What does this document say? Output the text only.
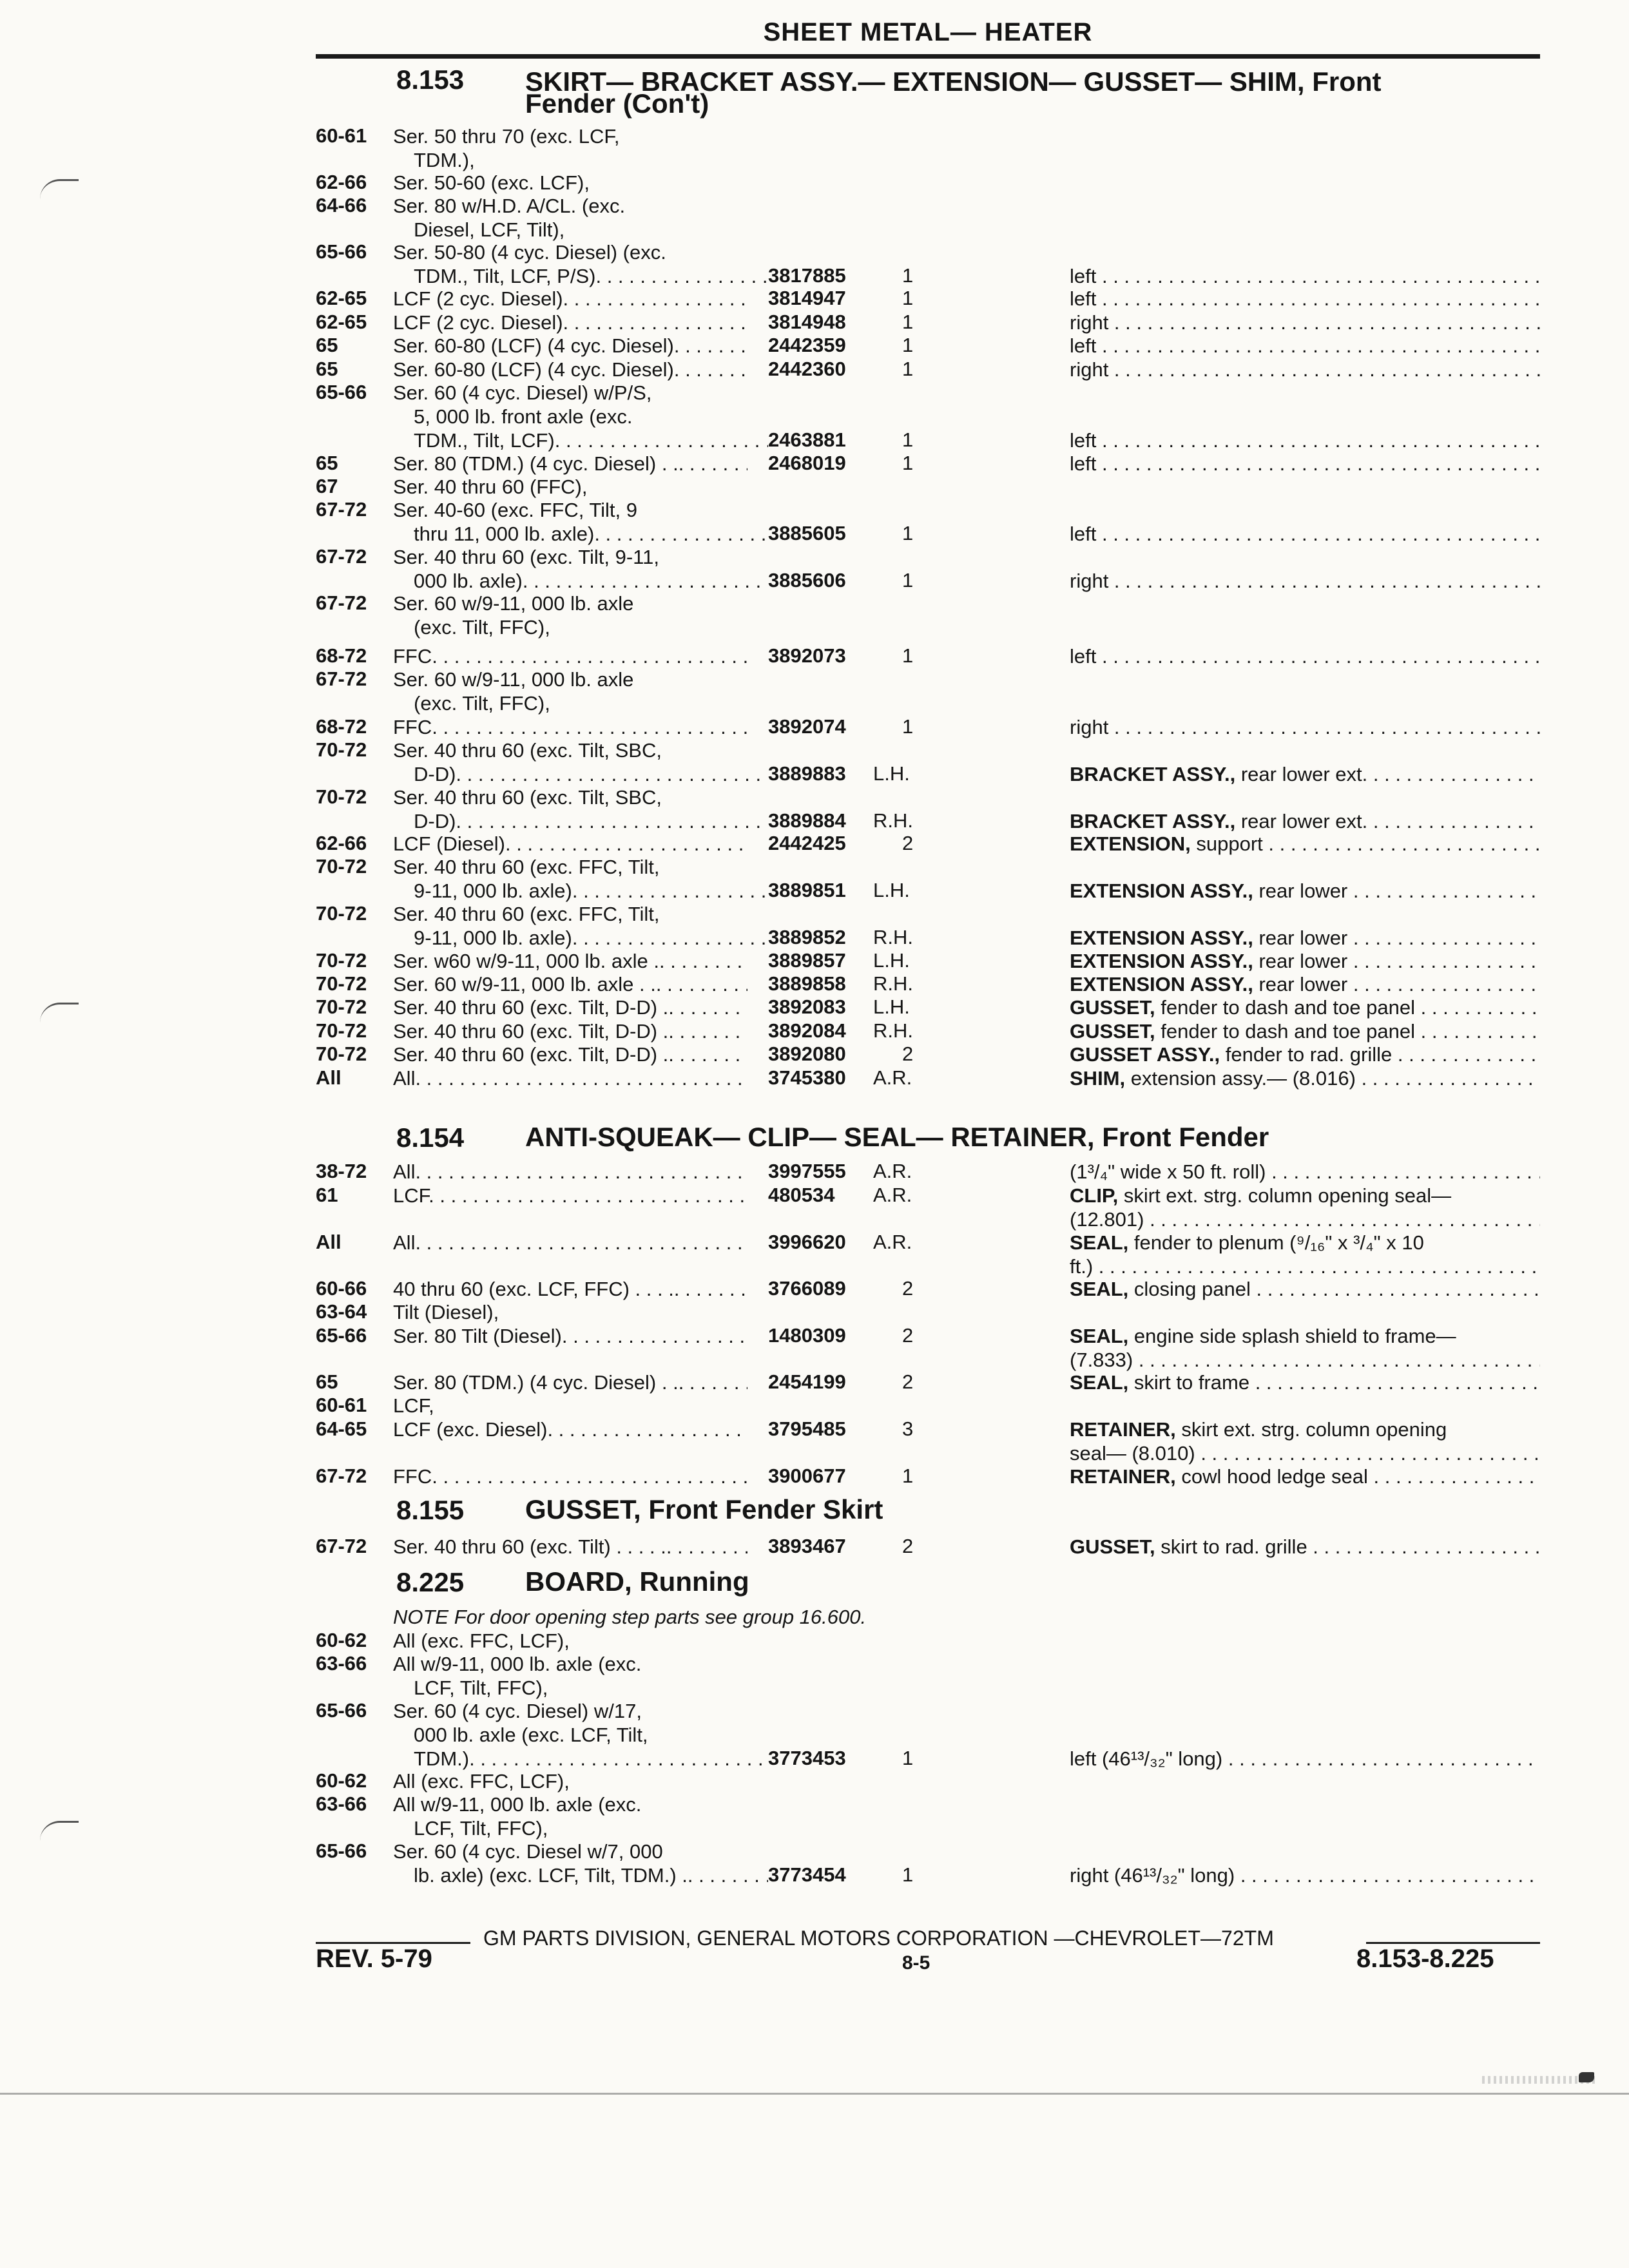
SHEET METAL— HEATER
8.153 SKIRT— BRACKET ASSY.— EXTENSION— GUSSET— SHIM, Front
Fender (Con't)
60-61 Ser. 50 thru 70 (exc. LCF,
TDM.),
62-66 Ser. 50-60 (exc. LCF),
64-66 Ser. 80 w/H.D. A/CL. (exc.
Diesel, LCF, Tilt),
65-66 Ser. 50-80 (4 cyc. Diesel) (exc.
TDM., Tilt, LCF, P/S) . . .	3817885	1	left . . .
62-65 LCF (2 cyc. Diesel) . . .	3814947	1	left . . .
62-65 LCF (2 cyc. Diesel) . . .	3814948	1	right . . .
65	Ser. 60-80 (LCF) (4 cyc. Diesel) . . .	2442359	1	left . . .
65	Ser. 60-80 (LCF) (4 cyc. Diesel) . . .	2442360	1	right . . .
65-66 Ser. 60 (4 cyc. Diesel) w/P/S,
5, 000 lb. front axle (exc.
TDM., Tilt, LCF) . . .	2463881	1	left . . .
65	Ser. 80 (TDM.) (4 cyc. Diesel) . . . . .	2468019	1	left . . .
67	Ser. 40 thru 60 (FFC),
67-72 Ser. 40-60 (exc. FFC, Tilt, 9
thru 11, 000 lb. axle) . . .	3885605	1	left . . .
67-72 Ser. 40 thru 60 (exc. Tilt, 9-11,
000 lb. axle) . . .	3885606	1	right . . .
67-72 Ser. 60 w/9-11, 000 lb. axle
(exc. Tilt, FFC),
68-72 FFC . . .	3892073	1	left . . .
67-72 Ser. 60 w/9-11, 000 lb. axle
(exc. Tilt, FFC),
68-72 FFC . . .	3892074	1	right . . .
70-72 Ser. 40 thru 60 (exc. Tilt, SBC,
D-D) . . .	3889883 L.H.	BRACKET ASSY., rear lower ext. . . .
70-72 Ser. 40 thru 60 (exc. Tilt, SBC,
D-D) . . .	3889884 R.H.	BRACKET ASSY., rear lower ext. . . .
62-66 LCF (Diesel) . . .	2442425	2	EXTENSION, support . . .
70-72 Ser. 40 thru 60 (exc. FFC, Tilt,
9-11, 000 lb. axle) . . .	3889851 L.H.	EXTENSION ASSY., rear lower . . .
70-72 Ser. 40 thru 60 (exc. FFC, Tilt,
9-11, 000 lb. axle) . . .	3889852 R.H.	EXTENSION ASSY., rear lower . . .
70-72 Ser. w60 w/9-11, 000 lb. axle . . . .	3889857 L.H.	EXTENSION ASSY., rear lower . . .
70-72 Ser. 60 w/9-11, 000 lb. axle . . . . .	3889858 R.H.	EXTENSION ASSY., rear lower . . .
70-72 Ser. 40 thru 60 (exc. Tilt, D-D) . . . .	3892083 L.H.	GUSSET, fender to dash and toe panel . . .
70-72 Ser. 40 thru 60 (exc. Tilt, D-D) . . . .	3892084 R.H.	GUSSET, fender to dash and toe panel . . .
70-72 Ser. 40 thru 60 (exc. Tilt, D-D) . . . .	3892080	2	GUSSET ASSY., fender to rad. grille . . .
All	All . . .	3745380 A.R.	SHIM, extension assy.— (8.016) . . .
38-72 All . . .	3997555 A.R.	(1³/₄" wide x 50 ft. roll) . . .
61	LCF . . .	480534 A.R.	CLIP, skirt ext. strg. column opening seal—
(12.801) . . .
All	All . . .	3996620 A.R.	SEAL, fender to plenum (⁹/₁₆" x ³/₄" x 10
ft.) . . .
60-66 40 thru 60 (exc. LCF, FFC) . . . . . . .	3766089	2	SEAL, closing panel . . .
63-64 Tilt (Diesel),
65-66 Ser. 80 Tilt (Diesel) . . .	1480309	2	SEAL, engine side splash shield to frame—
(7.833) . . .
65	Ser. 80 (TDM.) (4 cyc. Diesel) . . . . .	2454199	2	SEAL, skirt to frame . . .
60-61 LCF,
64-65 LCF (exc. Diesel) . . .	3795485	3	RETAINER, skirt ext. strg. column opening
seal— (8.010) . . .
67-72 FFC . . .	3900677	1	RETAINER, cowl hood ledge seal . . .
67-72 Ser. 40 thru 60 (exc. Tilt) . . . . . . . .	3893467	2	GUSSET, skirt to rad. grille . . .
60-62 All (exc. FFC, LCF),
63-66 All w/9-11, 000 lb. axle (exc.
LCF, Tilt, FFC),
65-66 Ser. 60 (4 cyc. Diesel) w/17,
000 lb. axle (exc. LCF, Tilt,
TDM.) . . .	3773453	1	left (46¹³/₃₂" long) . . .
60-62 All (exc. FFC, LCF),
63-66 All w/9-11, 000 lb. axle (exc.
LCF, Tilt, FFC),
65-66 Ser. 60 (4 cyc. Diesel w/7, 000
lb. axle) (exc. LCF, Tilt, TDM.) . . . .	3773454	1	right (46¹³/₃₂" long) . . .
8.154 ANTI-SQUEAK— CLIP— SEAL— RETAINER, Front Fender
8.155 GUSSET, Front Fender Skirt
8.225 BOARD, Running
NOTE For door opening step parts see group 16.600.
GM PARTS DIVISION, GENERAL MOTORS CORPORATION —CHEVROLET—72TM
REV. 5-79	8-5	8.153-8.225
